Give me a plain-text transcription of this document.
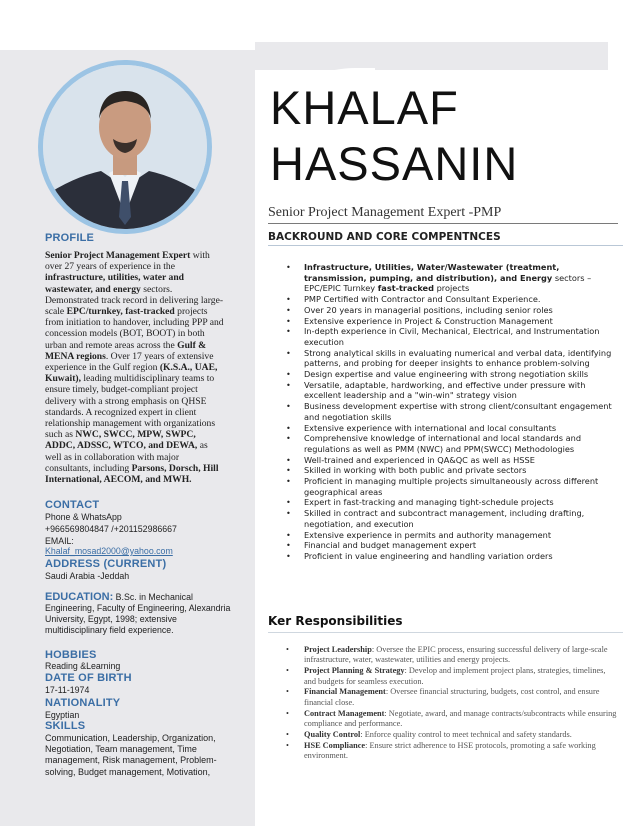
KHALAF
HASSANIN
Senior Project Management Expert -PMP
BACKROUND AND CORE COMPENTNCES
• Infrastructure, Utilities, Water/Wastewater (treatment, transmission, pumping, and distribution), and Energy sectors – EPC/EPIC Turnkey fast-tracked projects
• PMP Certified with Contractor and Consultant Experience.
• Over 20 years in managerial positions, including senior roles
• Extensive experience in Project & Construction Management
• In-depth experience in Civil, Mechanical, Electrical, and Instrumentation execution
• Strong analytical skills in evaluating numerical and verbal data, identifying patterns, and probing for deeper insights to enhance problem-solving
• Design expertise and value engineering with strong negotiation skills
• Versatile, adaptable, hardworking, and effective under pressure with excellent leadership and a "win-win" strategy vision
• Business development expertise with strong client/consultant engagement and negotiation skills
• Extensive experience with international and local consultants
• Comprehensive knowledge of international and local standards and regulations as well as PMM (NWC) and PPM(SWCC) Methodologies
• Well-trained and experienced in QA&QC as well as HSSE
• Skilled in working with both public and private sectors
• Proficient in managing multiple projects simultaneously across different geographical areas
• Expert in fast-tracking and managing tight-schedule projects
• Skilled in contract and subcontract management, including drafting, negotiation, and execution
• Extensive experience in permits and authority management
• Financial and budget management expert
• Proficient in value engineering and handling variation orders
Ker Responsibilities
• Project Leadership: Oversee the EPIC process, ensuring successful delivery of large-scale infrastructure, water, wastewater, utilities and energy projects.
• Project Planning & Strategy: Develop and implement project plans, strategies, timelines, and budgets for seamless execution.
• Financial Management: Oversee financial structuring, budgets, cost control, and ensure financial close.
• Contract Management: Negotiate, award, and manage contracts/subcontracts while ensuring compliance and performance.
• Quality Control: Enforce quality control to meet technical and safety standards.
• HSE Compliance: Ensure strict adherence to HSE protocols, promoting a safe working environment.
PROFILE
Senior Project Management Expert with over 27 years of experience in the infrastructure, utilities, water and wastewater, and energy sectors. Demonstrated track record in delivering large-scale EPC/turnkey, fast-tracked projects from initiation to handover, including PPP and concession models (BOT, BOOT) in both urban and remote areas across the Gulf & MENA regions. Over 17 years of extensive experience in the Gulf region (K.S.A., UAE, Kuwait), leading multidisciplinary teams to ensure timely, budget-compliant project delivery with a strong emphasis on QHSE standards. A recognized expert in client relationship management with organizations such as NWC, SWCC, MPW, SWPC, ADDC, ADSSC, WTCO, and DEWA, as well as in collaboration with major consultants, including Parsons, Dorsch, Hill International, AECOM, and MWH.
CONTACT
Phone & WhatsApp
+966569804847 /+201152986667
EMAIL:
Khalaf_mosad2000@yahoo.com
ADDRESS (CURRENT)
Saudi Arabia -Jeddah
EDUCATION: B.Sc. in Mechanical
Engineering, Faculty of Engineering, Alexandria University, Egypt, 1998; extensive multidisciplinary field experience.
HOBBIES
Reading &Learning
DATE OF BIRTH
17-11-1974
NATIONALITY
Egyptian
SKILLS
Communication, Leadership, Organization, Negotiation, Team management, Time management, Risk management, Problem-solving, Budget management, Motivation,
